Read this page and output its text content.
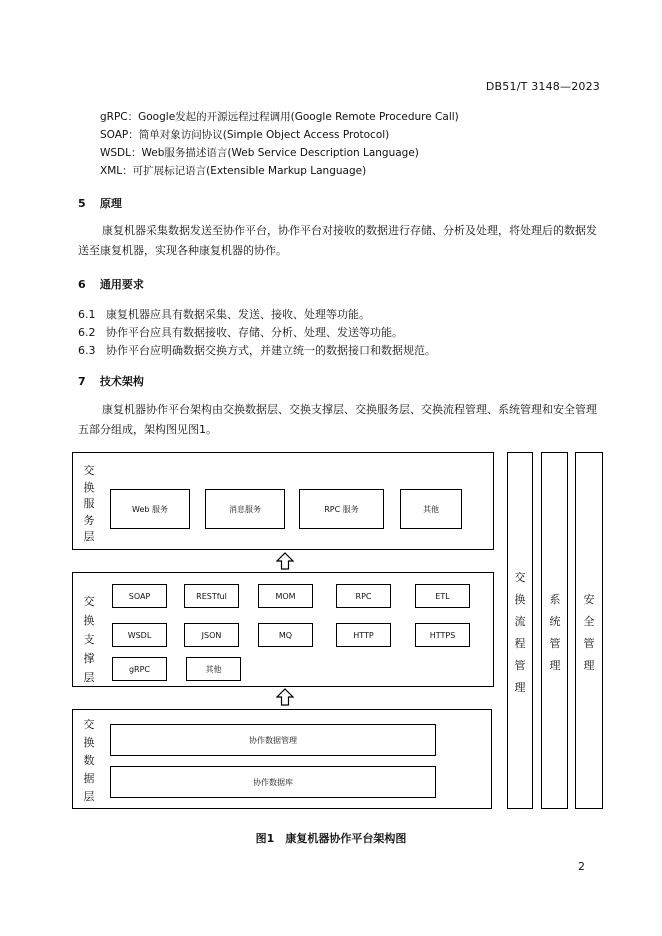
DB51/T 3148—2023
gRPC：Google发起的开源远程过程调用(Google Remote Procedure Call)
SOAP：简单对象访问协议(Simple Object Access Protocol)
WSDL：Web服务描述语言(Web Service Description Language)
XML：可扩展标记语言(Extensible Markup Language)
5 原理
康复机器采集数据发送至协作平台，协作平台对接收的数据进行存储、分析及处理，将处理后的数据发送至康复机器，实现各种康复机器的协作。
6 通用要求
6.1 康复机器应具有数据采集、发送、接收、处理等功能。
6.2 协作平台应具有数据接收、存储、分析、处理、发送等功能。
6.3 协作平台应明确数据交换方式，并建立统一的数据接口和数据规范。
7 技术架构
康复机器协作平台架构由交换数据层、交换支撑层、交换服务层、交换流程管理、系统管理和安全管理五部分组成，架构图见图1。
交
换
服
务
层
Web 服务	消息服务	RPC 服务	其他
交
换
支
撑
层
SOAP	RESTful	MOM	RPC	ETL
WSDL	JSON	MQ	HTTP	HTTPS
gRPC	其他
交
换
数
据
层
协作数据管理
协作数据库
交
换
流
程
管
理
系
统
管
理
安
全
管
理
图1　康复机器协作平台架构图
2
